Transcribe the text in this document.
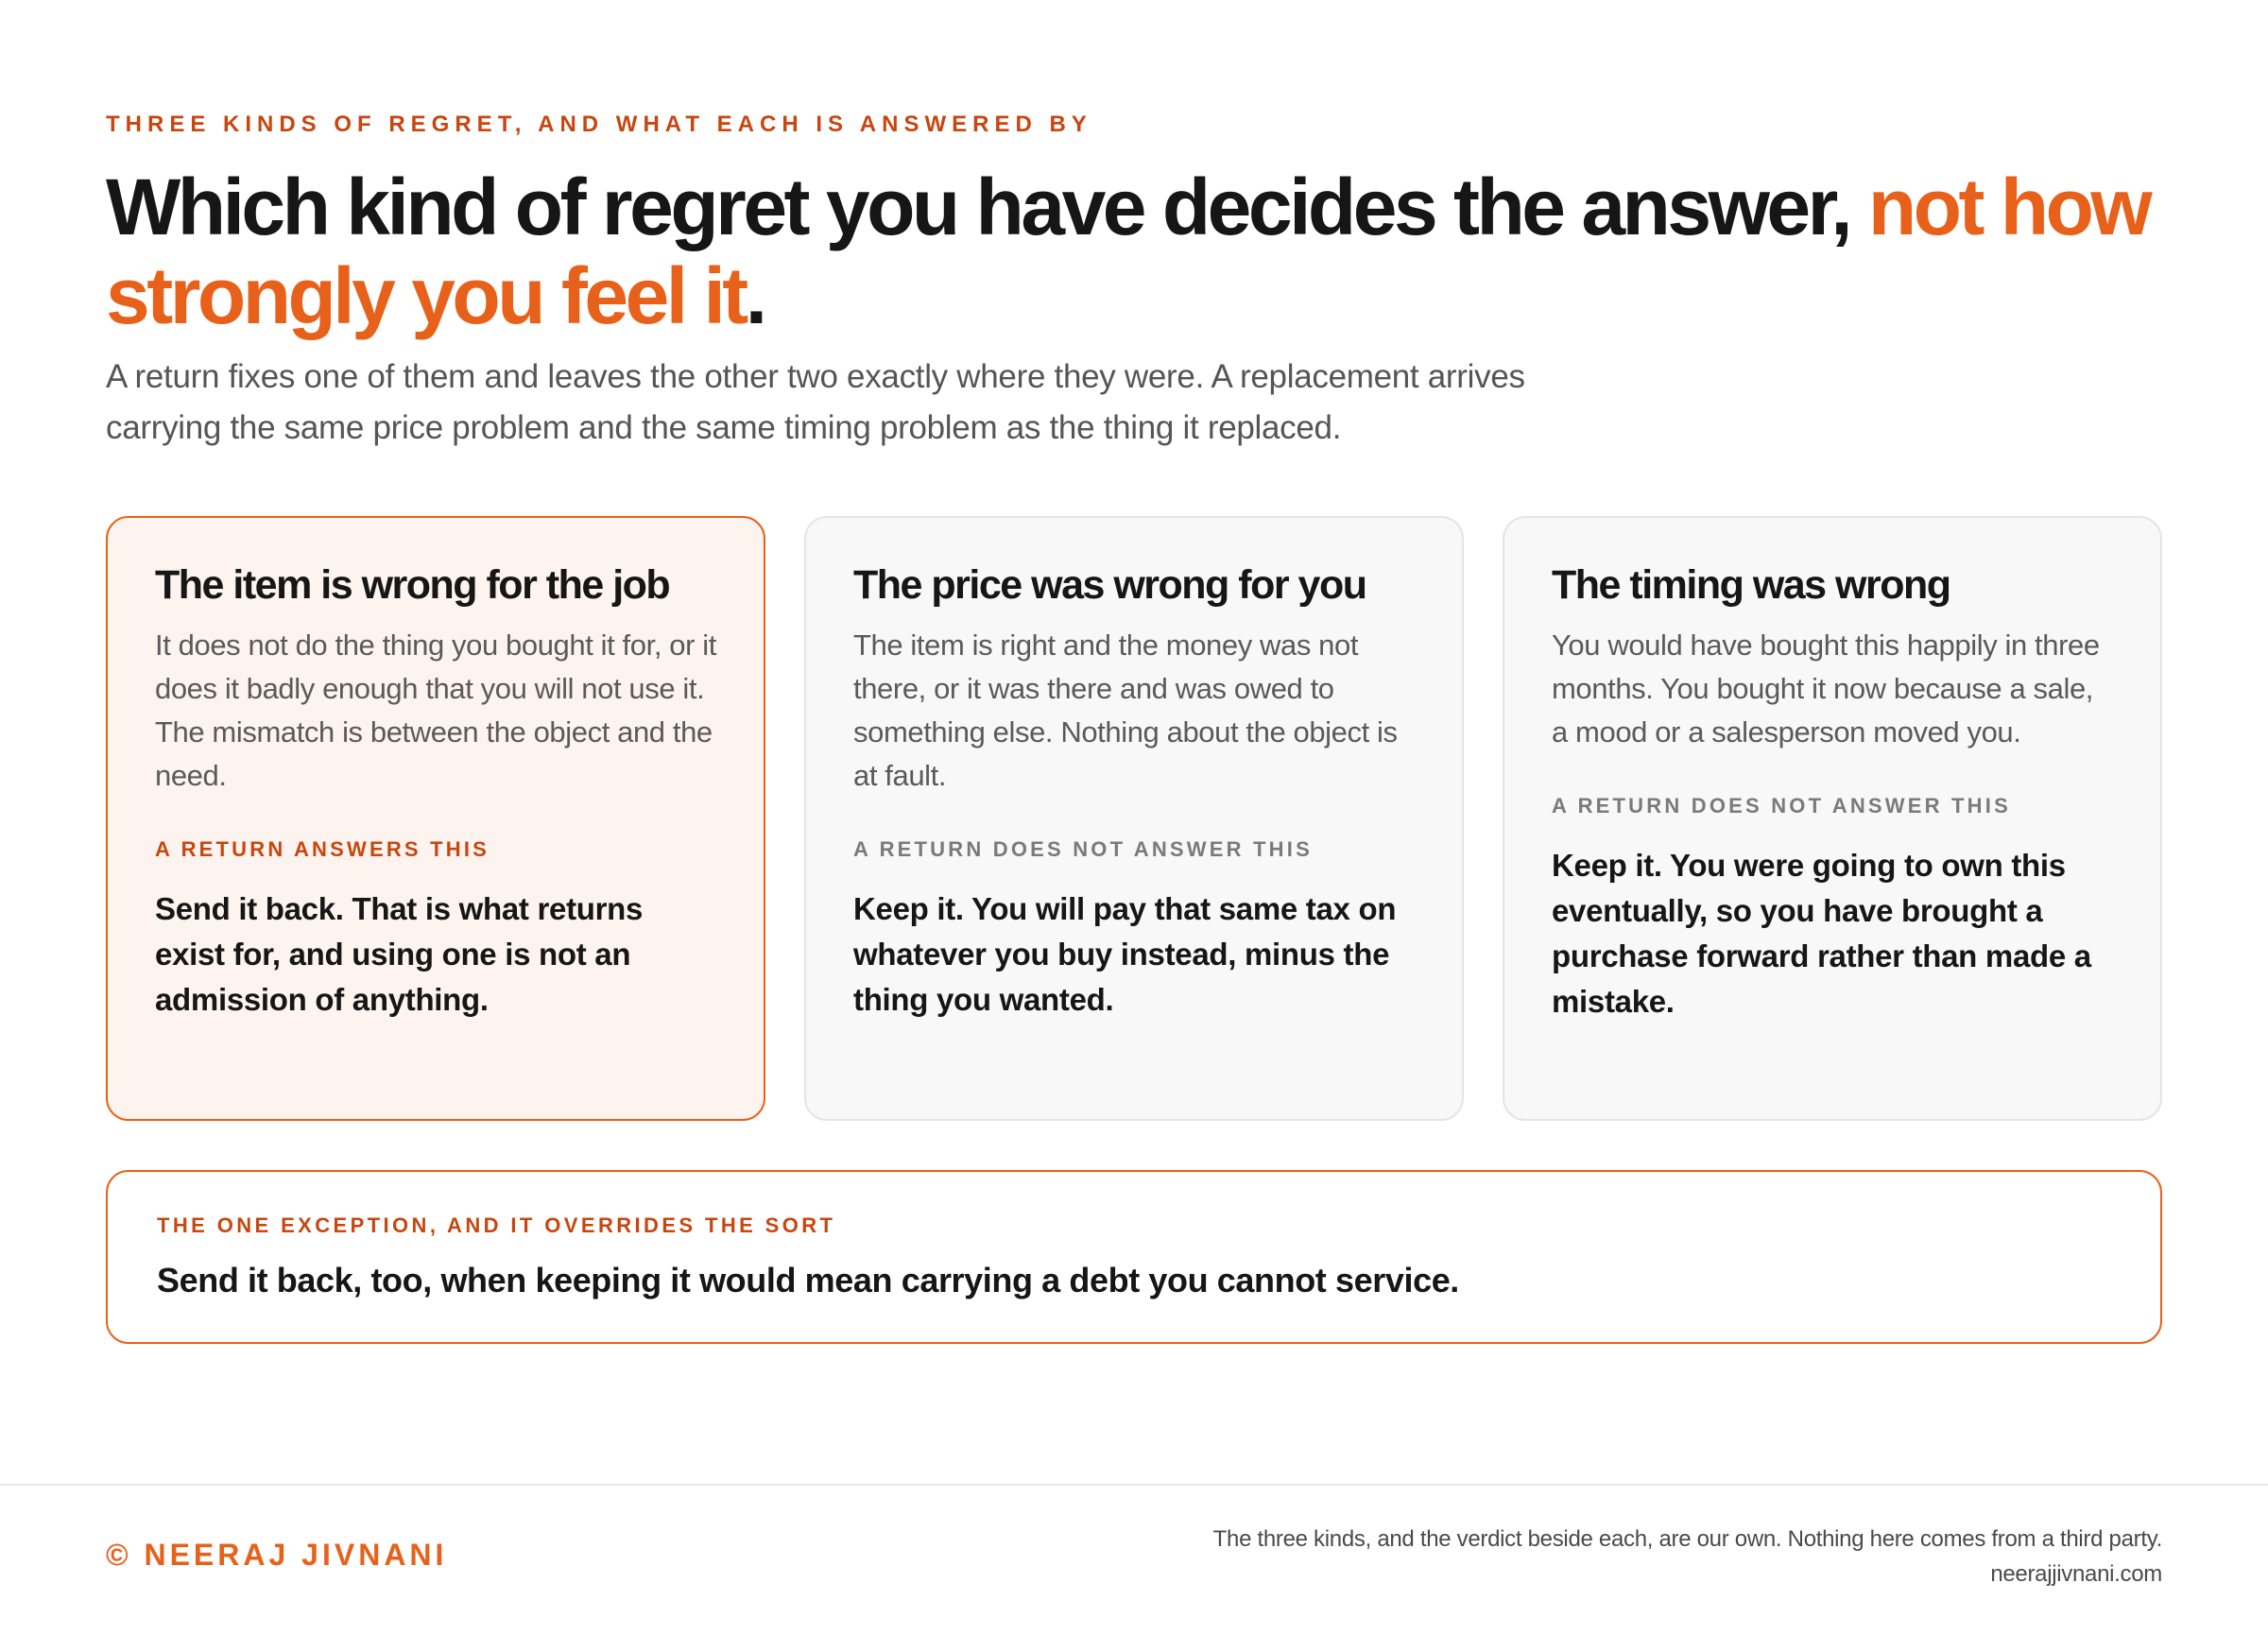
THREE KINDS OF REGRET, AND WHAT EACH IS ANSWERED BY
Which kind of regret you have decides the answer, not how strongly you feel it.
A return fixes one of them and leaves the other two exactly where they were. A replacement arrives carrying the same price problem and the same timing problem as the thing it replaced.
The item is wrong for the job
It does not do the thing you bought it for, or it does it badly enough that you will not use it. The mismatch is between the object and the need.
A RETURN ANSWERS THIS
Send it back. That is what returns exist for, and using one is not an admission of anything.
The price was wrong for you
The item is right and the money was not there, or it was there and was owed to something else. Nothing about the object is at fault.
A RETURN DOES NOT ANSWER THIS
Keep it. You will pay that same tax on whatever you buy instead, minus the thing you wanted.
The timing was wrong
You would have bought this happily in three months. You bought it now because a sale, a mood or a salesperson moved you.
A RETURN DOES NOT ANSWER THIS
Keep it. You were going to own this eventually, so you have brought a purchase forward rather than made a mistake.
THE ONE EXCEPTION, AND IT OVERRIDES THE SORT
Send it back, too, when keeping it would mean carrying a debt you cannot service.
© NEERAJ JIVNANI	The three kinds, and the verdict beside each, are our own. Nothing here comes from a third party.
neerajjivnani.com
